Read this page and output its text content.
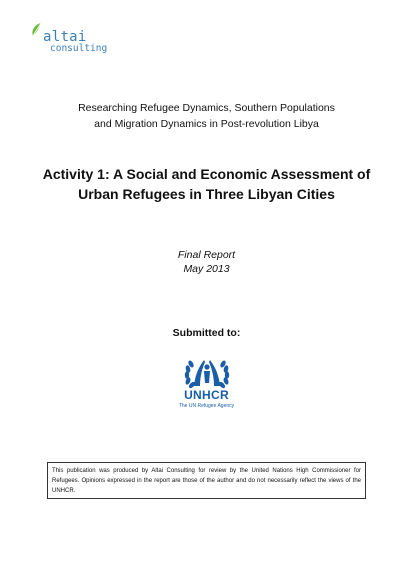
altai
consulting
Researching Refugee Dynamics, Southern Populations
and Migration Dynamics in Post-revolution Libya
Activity 1: A Social and Economic Assessment of
Urban Refugees in Three Libyan Cities
Final Report
May 2013
Submitted to:
UNHCR
The UN Refugee Agency
This publication was produced by Altai Consulting for review by the United Nations High Commissioner for Refugees. Opinions expressed in the report are those of the author and do not necessarily reflect the views of the UNHCR.
